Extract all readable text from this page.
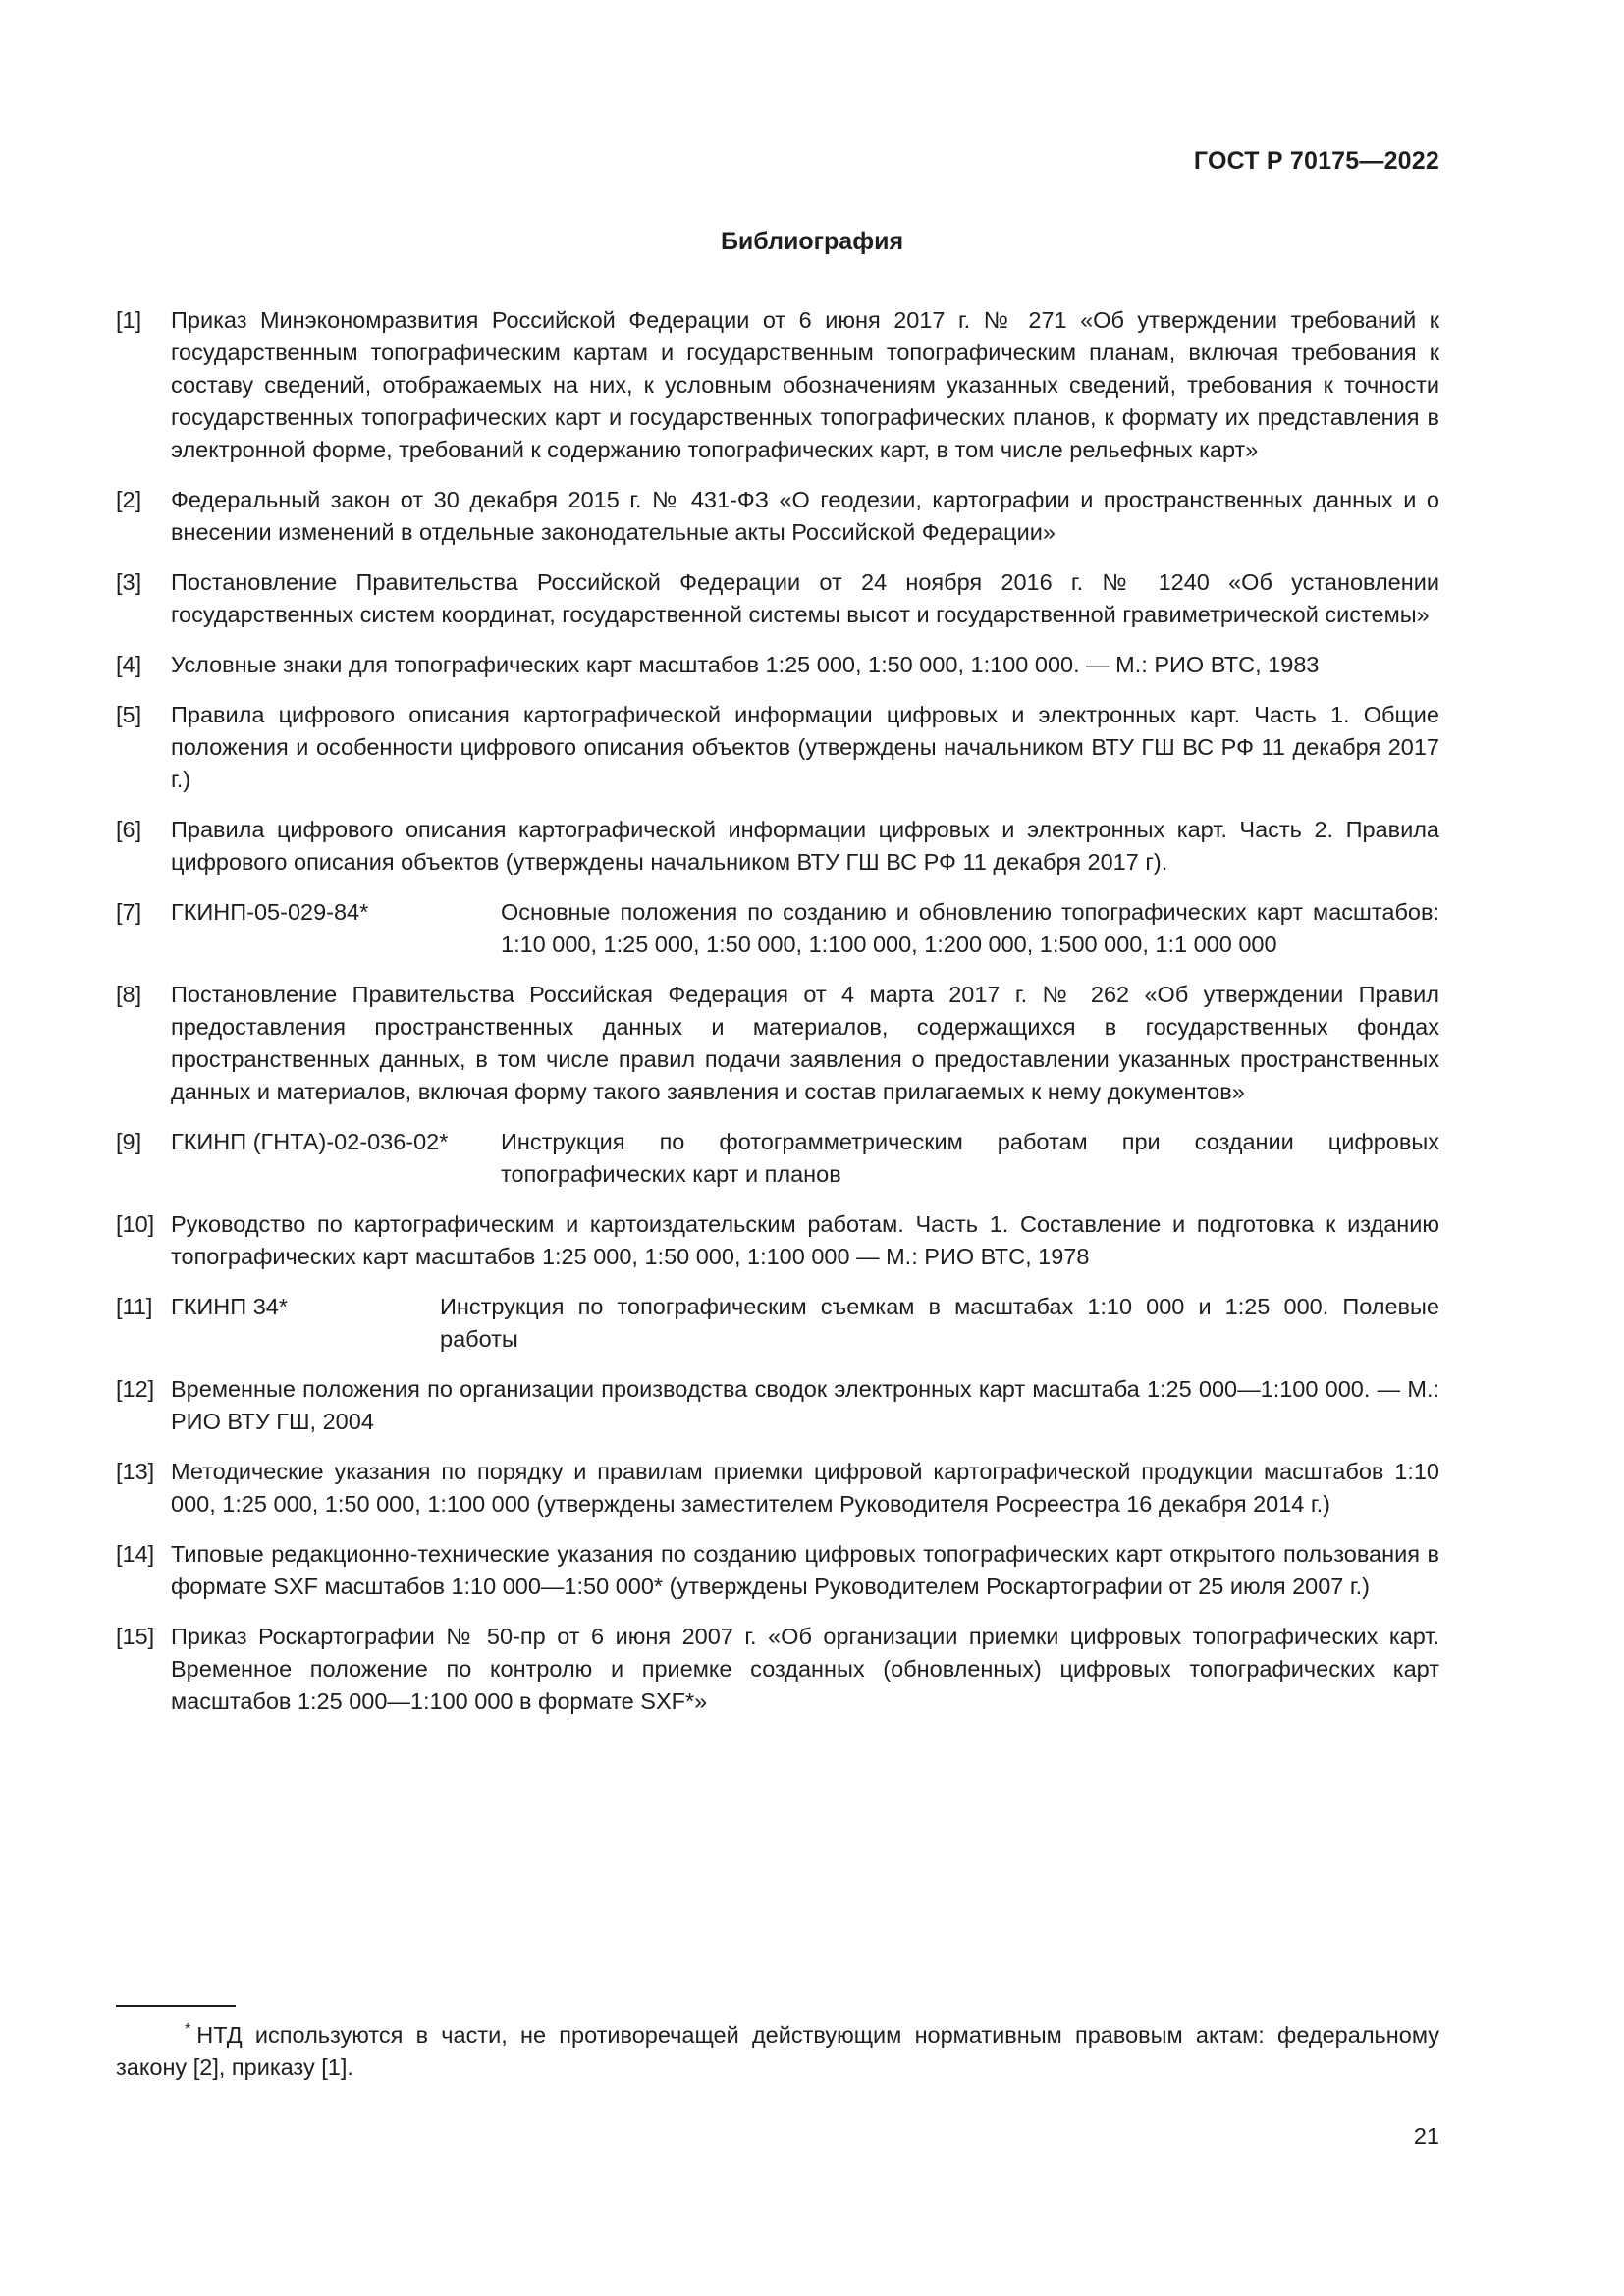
ГОСТ Р 70175—2022
Библиография
[1]	Приказ Минэкономразвития Российской Федерации от 6 июня 2017 г. № 271 «Об утверждении требований к государственным топографическим картам и государственным топографическим планам, включая требования к составу сведений, отображаемых на них, к условным обозначениям указанных сведений, требования к точности государственных топографических карт и государственных топографических планов, к формату их представления в электронной форме, требований к содержанию топографических карт, в том числе рельефных карт»
[2]	Федеральный закон от 30 декабря 2015 г. № 431-ФЗ «О геодезии, картографии и пространственных данных и о внесении изменений в отдельные законодательные акты Российской Федерации»
[3]	Постановление Правительства Российской Федерации от 24 ноября 2016 г. № 1240 «Об установлении государственных систем координат, государственной системы высот и государственной гравиметрической системы»
[4]	Условные знаки для топографических карт масштабов 1:25 000, 1:50 000, 1:100 000. — М.: РИО ВТС, 1983
[5]	Правила цифрового описания картографической информации цифровых и электронных карт. Часть 1. Общие положения и особенности цифрового описания объектов (утверждены начальником ВТУ ГШ ВС РФ 11 декабря 2017 г.)
[6]	Правила цифрового описания картографической информации цифровых и электронных карт. Часть 2. Правила цифрового описания объектов (утверждены начальником ВТУ ГШ ВС РФ 11 декабря 2017 г).
[7]	ГКИНП-05-029-84*	Основные положения по созданию и обновлению топографических карт масштабов: 1:10 000, 1:25 000, 1:50 000, 1:100 000, 1:200 000, 1:500 000, 1:1 000 000
[8]	Постановление Правительства Российская Федерация от 4 марта 2017 г. № 262 «Об утверждении Правил предоставления пространственных данных и материалов, содержащихся в государственных фондах пространственных данных, в том числе правил подачи заявления о предоставлении указанных пространственных данных и материалов, включая форму такого заявления и состав прилагаемых к нему документов»
[9]	ГКИНП (ГНТА)-02-036-02*	Инструкция по фотограмметрическим работам при создании цифровых топографических карт и планов
[10] Руководство по картографическим и картоиздательским работам. Часть 1. Составление и подготовка к изданию топографических карт масштабов 1:25 000, 1:50 000, 1:100 000 — М.: РИО ВТС, 1978
[11] ГКИНП 34*	Инструкция по топографическим съемкам в масштабах 1:10 000 и 1:25 000. Полевые работы
[12] Временные положения по организации производства сводок электронных карт масштаба 1:25 000—1:100 000. — М.: РИО ВТУ ГШ, 2004
[13] Методические указания по порядку и правилам приемки цифровой картографической продукции масштабов 1:10 000, 1:25 000, 1:50 000, 1:100 000 (утверждены заместителем Руководителя Росреестра 16 декабря 2014 г.)
[14] Типовые редакционно-технические указания по созданию цифровых топографических карт открытого пользования в формате SXF масштабов 1:10 000—1:50 000* (утверждены Руководителем Роскартографии от 25 июля 2007 г.)
[15] Приказ Роскартографии № 50-пр от 6 июня 2007 г. «Об организации приемки цифровых топографических карт. Временное положение по контролю и приемке созданных (обновленных) цифровых топографических карт масштабов 1:25 000—1:100 000 в формате SXF*»
* НТД используются в части, не противоречащей действующим нормативным правовым актам: федеральному закону [2], приказу [1].
21
